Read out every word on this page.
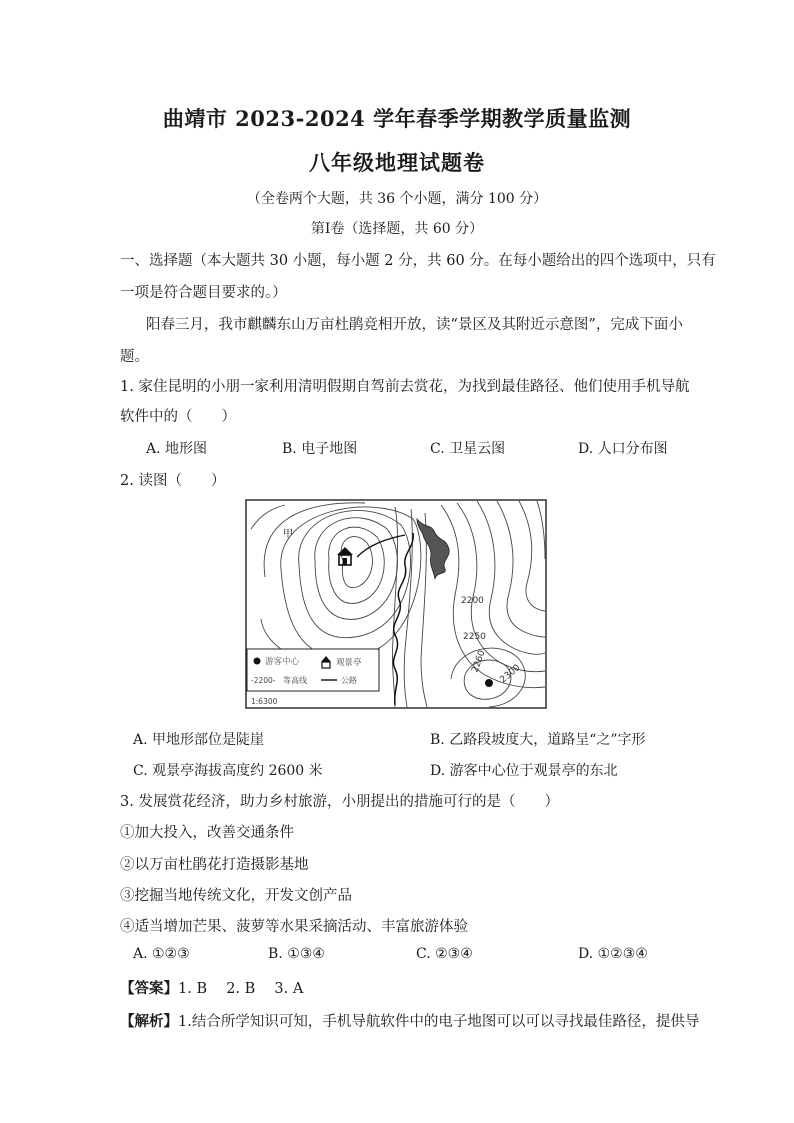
曲靖市 2023-2024 学年春季学期教学质量监测
八年级地理试题卷
（全卷两个大题，共 36 个小题，满分 100 分）
第Ⅰ卷（选择题，共 60 分）
一、选择题（本大题共 30 小题，每小题 2 分，共 60 分。在每小题给出的四个选项中，只有
一项是符合题目要求的。）
阳春三月，我市麒麟东山万亩杜鹃竞相开放，读“景区及其附近示意图”，完成下面小
题。
1. 家住昆明的小朋一家利用清明假期自驾前去赏花，为找到最佳路径、他们使用手机导航
软件中的（　　）
A. 地形图	B. 电子地图	C. 卫星云图	D. 人口分布图
2. 读图（　　）
甲
2200
2250
2260
2300
游客中心	观景亭
-2200- 等高线	公路
1:6300
A. 甲地形部位是陡崖	B. 乙路段坡度大，道路呈“之”字形
C. 观景亭海拔高度约 2600 米	D. 游客中心位于观景亭的东北
3. 发展赏花经济，助力乡村旅游，小朋提出的措施可行的是（　　）
①加大投入，改善交通条件
②以万亩杜鹃花打造摄影基地
③挖掘当地传统文化，开发文创产品
④适当增加芒果、菠萝等水果采摘活动、丰富旅游体验
A. ①②③	B. ①③④	C. ②③④	D. ①②③④
【答案】1. B　 2. B　 3. A
【解析】1.结合所学知识可知，手机导航软件中的电子地图可以可以寻找最佳路径，提供导
